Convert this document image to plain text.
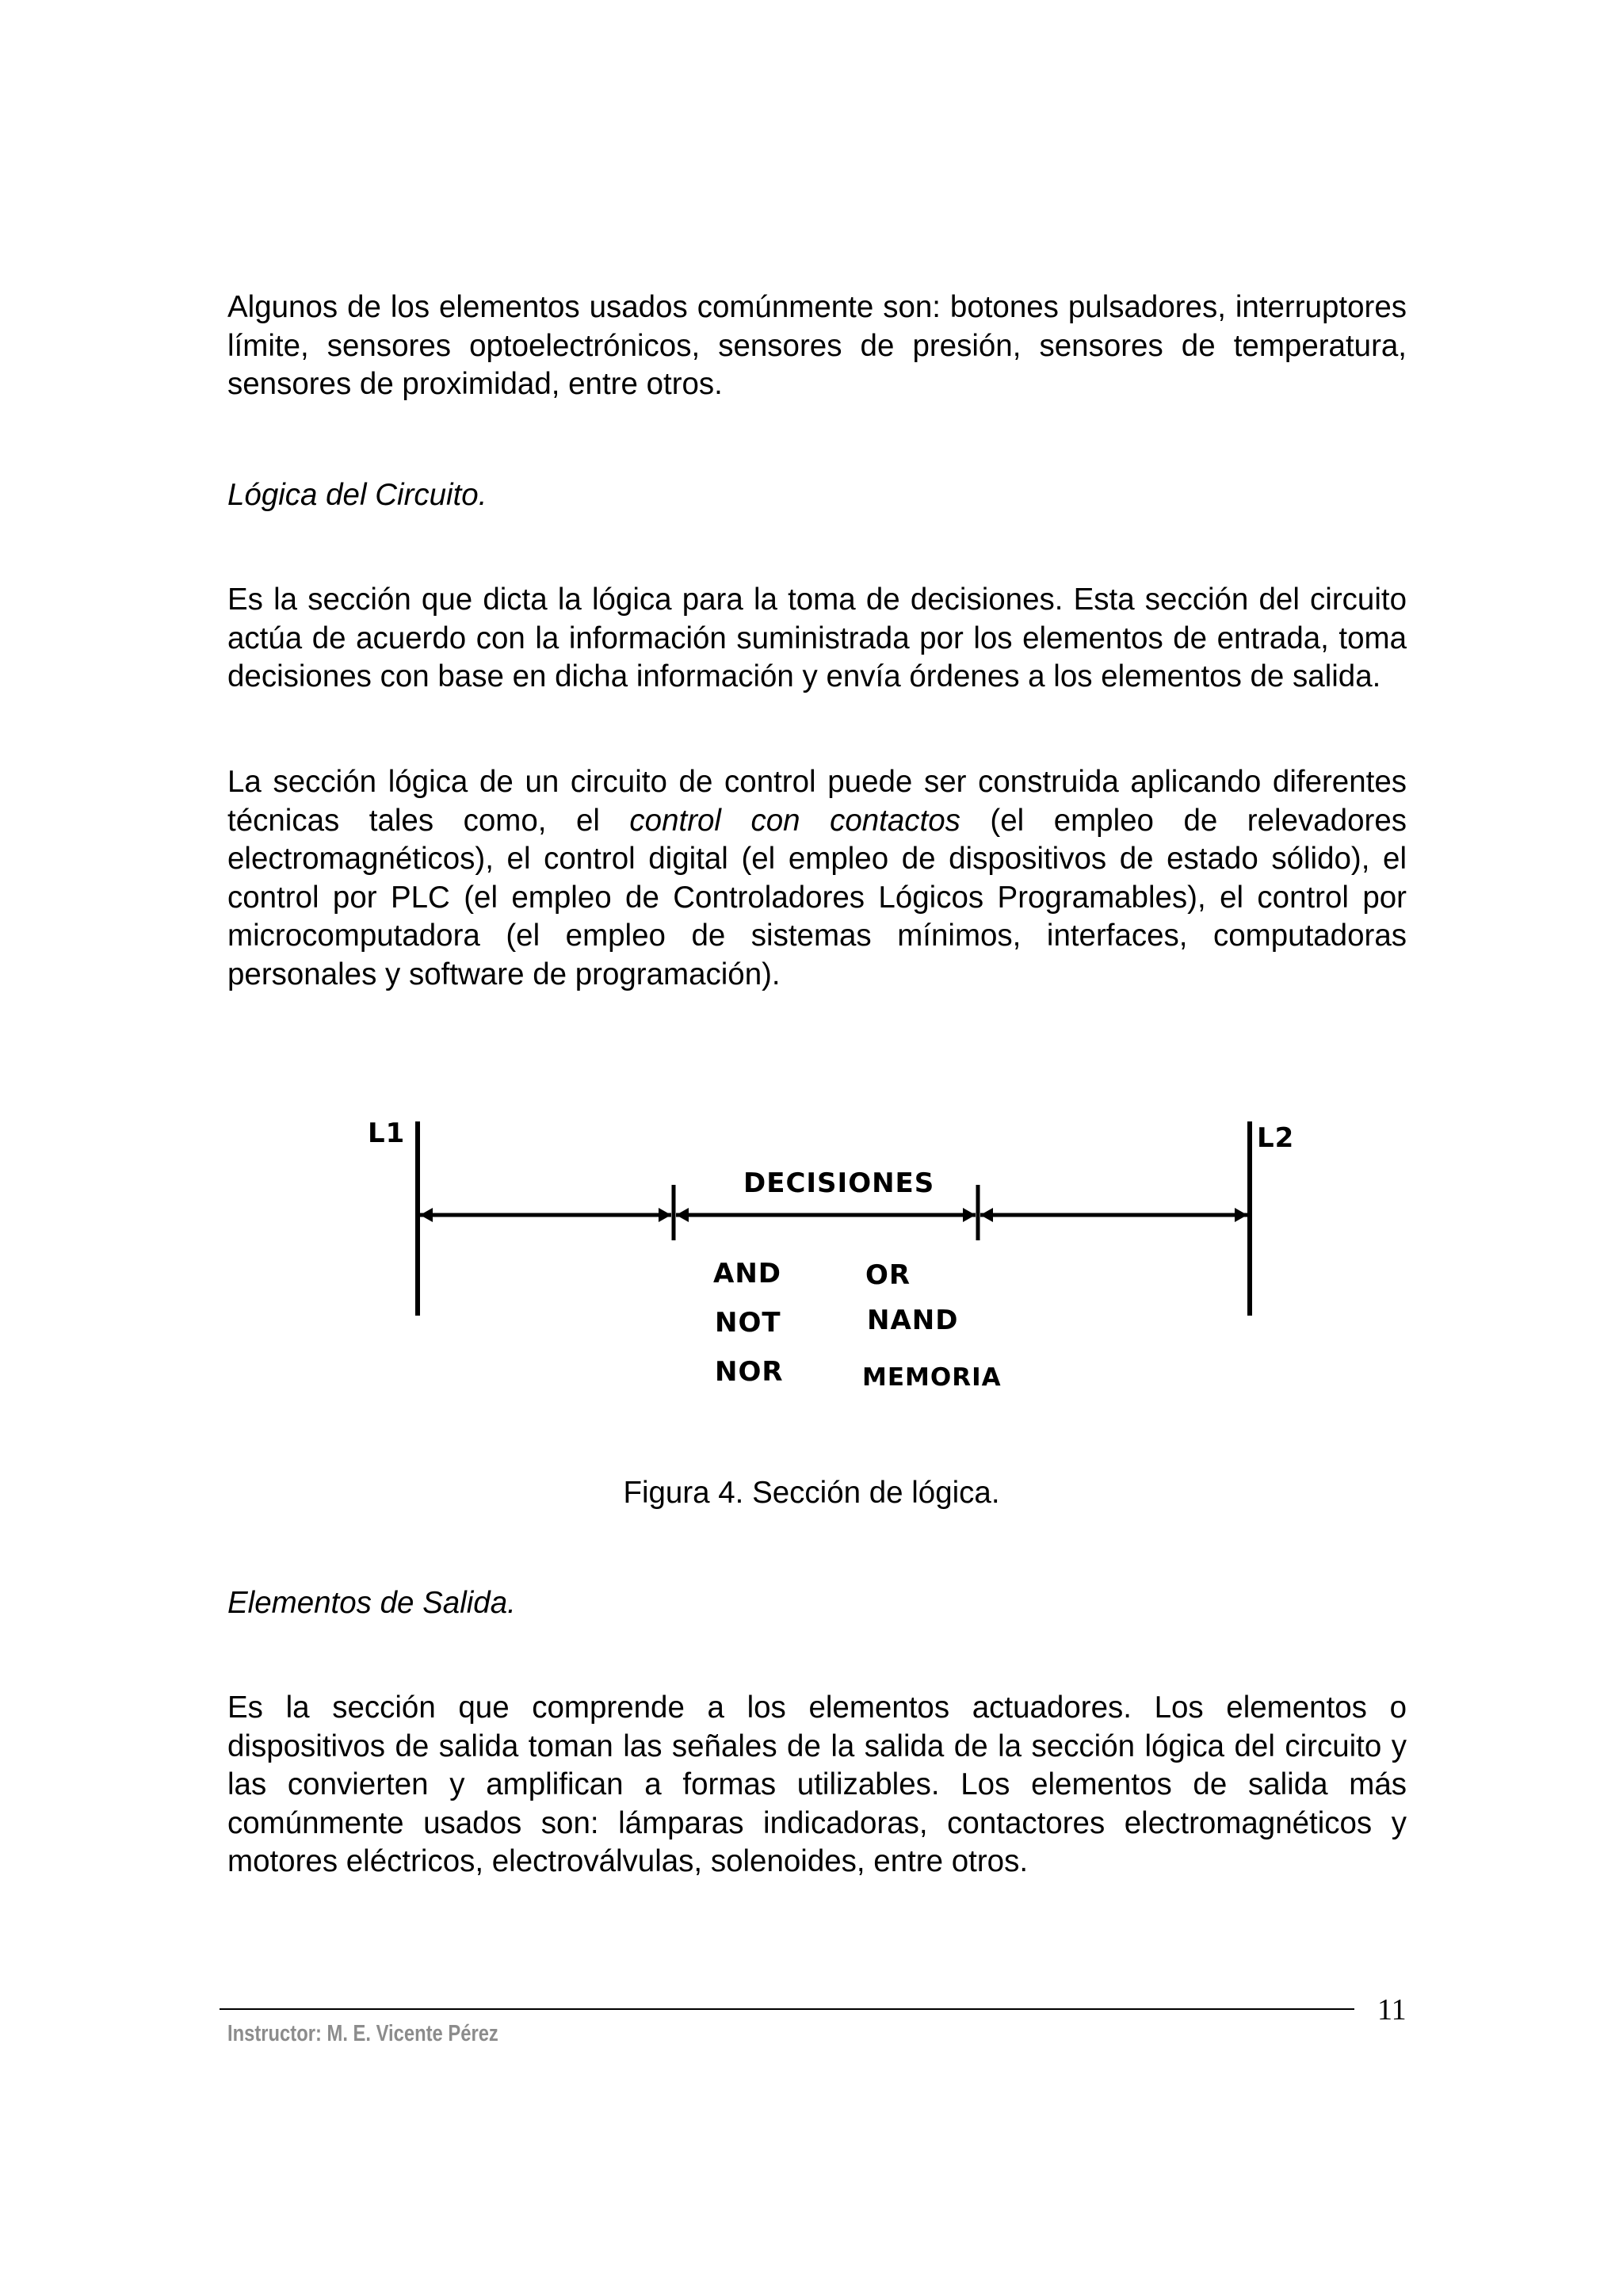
Algunos de los elementos usados comúnmente son: botones pulsadores, interruptores límite, sensores optoelectrónicos, sensores de presión, sensores de temperatura, sensores de proximidad, entre otros.

Lógica del Circuito.

Es la sección que dicta la lógica para la toma de decisiones. Esta sección del circuito actúa de acuerdo con la información suministrada por los elementos de entrada, toma decisiones con base en dicha información y envía órdenes a los elementos de salida.

La sección lógica de un circuito de control puede ser construida aplicando diferentes técnicas tales como, el control con contactos (el empleo de relevadores electromagnéticos), el control digital (el empleo de dispositivos de estado sólido), el control por PLC (el empleo de Controladores Lógicos Programables), el control por microcomputadora (el empleo de sistemas mínimos, interfaces, computadoras personales y software de programación).

L1	L2
DECISIONES
AND
NOT
NOR
OR
NAND
MEMORIA

Figura 4. Sección de lógica.

Elementos de Salida.

Es la sección que comprende a los elementos actuadores. Los elementos o dispositivos de salida toman las señales de la salida de la sección lógica del circuito y las convierten y amplifican a formas utilizables. Los elementos de salida más comúnmente usados son: lámparas indicadoras, contactores electromagnéticos y motores eléctricos, electroválvulas, solenoides, entre otros.

Instructor: M. E. Vicente Pérez
11
